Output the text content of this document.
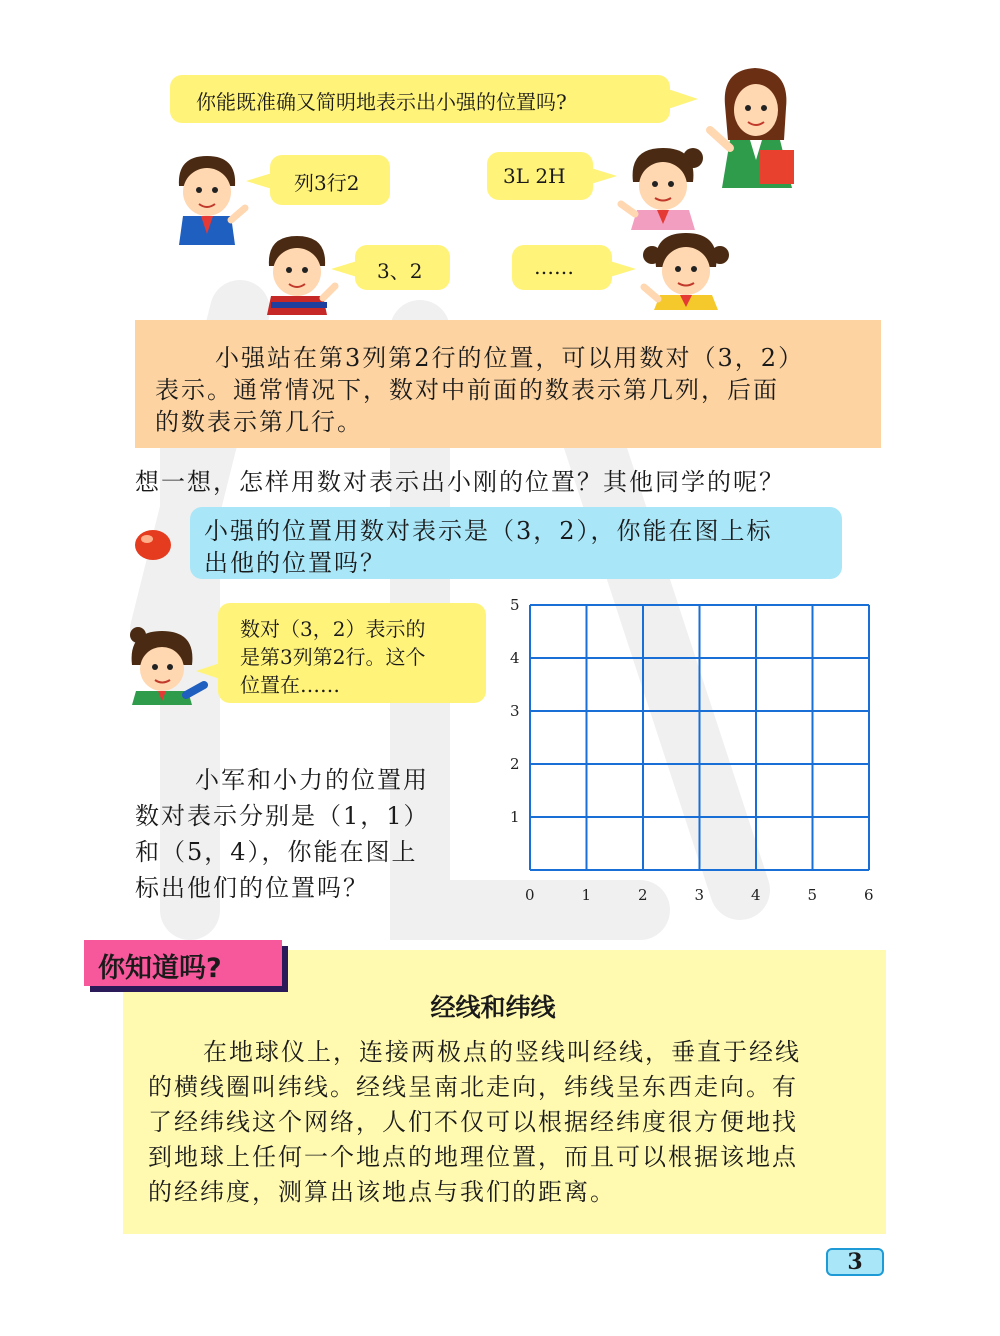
你能既准确又简明地表示出小强的位置吗?
列3行2	3L 2H
3、2	……
小强站在第3列第2行的位置，可以用数对（3，2）
表示。通常情况下，数对中前面的数表示第几列，后面
的数表示第几行。
想一想，怎样用数对表示出小刚的位置？其他同学的呢？
小强的位置用数对表示是（3，2），你能在图上标
出他的位置吗？
数对（3，2）表示的
是第3列第2行。这个
位置在……
小军和小力的位置用
数对表示分别是（1，1）
和（5，4），你能在图上
标出他们的位置吗？	0	1	2	3	4	5	6
1
2
3
4
5
经线和纬线
在地球仪上，连接两极点的竖线叫经线，垂直于经线
的横线圈叫纬线。经线呈南北走向，纬线呈东西走向。有
了经纬线这个网络，人们不仅可以根据经纬度很方便地找
到地球上任何一个地点的地理位置，而且可以根据该地点
的经纬度，测算出该地点与我们的距离。
你知道吗?
3
